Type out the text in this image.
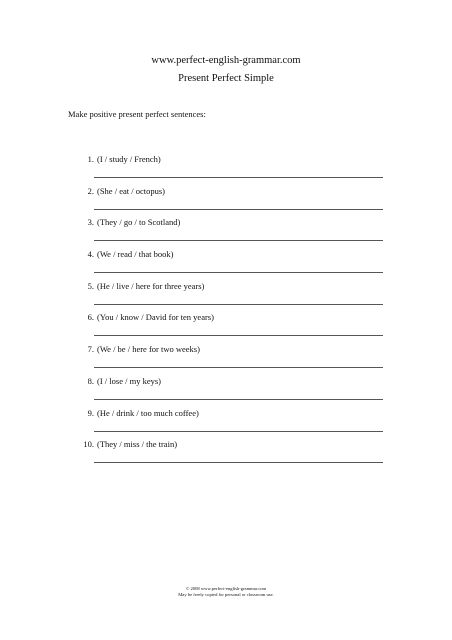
www.perfect-english-grammar.com
Present Perfect Simple
Make positive present perfect sentences:
1. (I / study / French)
2. (She / eat / octopus)
3. (They / go / to Scotland)
4. (We / read / that book)
5. (He / live / here for three years)
6. (You / know / David for ten years)
7. (We / be / here for two weeks)
8. (I / lose / my keys)
9. (He / drink / too much coffee)
10. (They / miss / the train)
© 2008 www.perfect-english-grammar.com
May be freely copied for personal or classroom use.
